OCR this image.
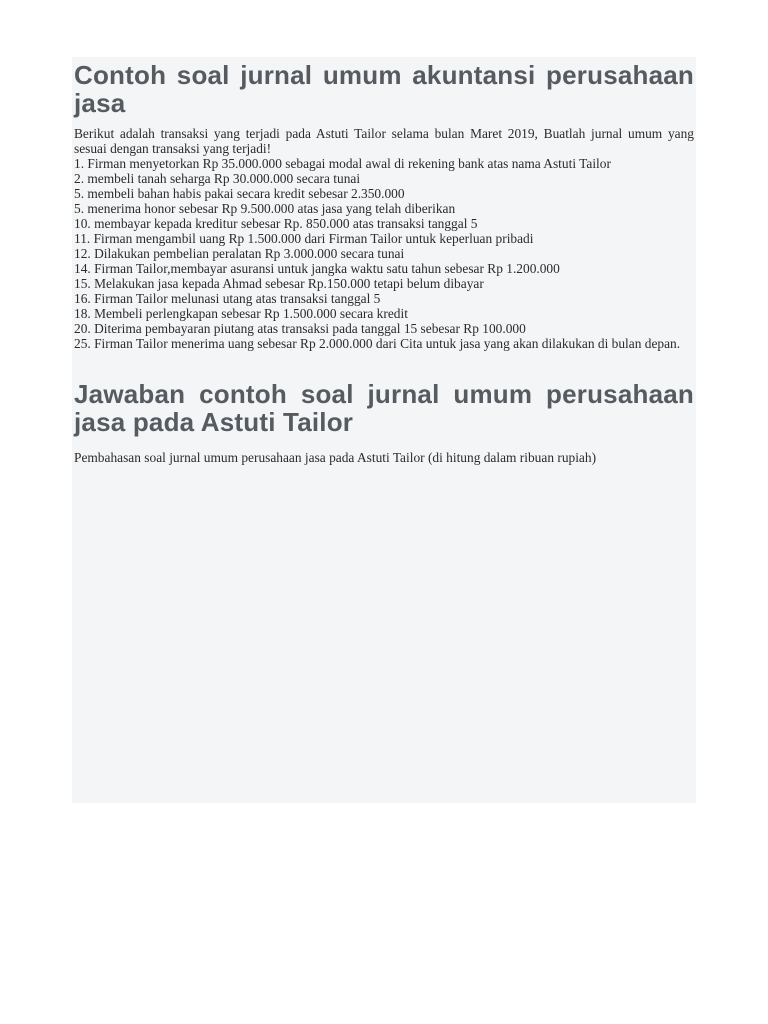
Contoh soal jurnal umum akuntansi perusahaan jasa

Berikut adalah transaksi yang terjadi pada Astuti Tailor selama bulan Maret 2019, Buatlah jurnal umum yang sesuai dengan transaksi yang terjadi!

1. Firman menyetorkan Rp 35.000.000 sebagai modal awal di rekening bank atas nama Astuti Tailor
2. membeli tanah seharga Rp 30.000.000 secara tunai
5. membeli bahan habis pakai secara kredit sebesar 2.350.000
5. menerima honor sebesar Rp 9.500.000 atas jasa yang telah diberikan
10. membayar kepada kreditur sebesar Rp. 850.000 atas transaksi tanggal 5
11. Firman mengambil uang Rp 1.500.000 dari Firman Tailor untuk keperluan pribadi
12. Dilakukan pembelian peralatan Rp 3.000.000 secara tunai
14. Firman Tailor,membayar asuransi untuk jangka waktu satu tahun sebesar Rp 1.200.000
15. Melakukan jasa kepada Ahmad sebesar Rp.150.000 tetapi belum dibayar
16. Firman Tailor melunasi utang atas transaksi tanggal 5
18. Membeli perlengkapan sebesar Rp 1.500.000 secara kredit
20. Diterima pembayaran piutang atas transaksi pada tanggal 15 sebesar Rp 100.000
25. Firman Tailor menerima uang sebesar Rp 2.000.000 dari Cita untuk jasa yang akan dilakukan di bulan depan.
Jawaban contoh soal jurnal umum perusahaan jasa pada Astuti Tailor

Pembahasan soal jurnal umum perusahaan jasa pada Astuti Tailor (di hitung dalam ribuan rupiah)
